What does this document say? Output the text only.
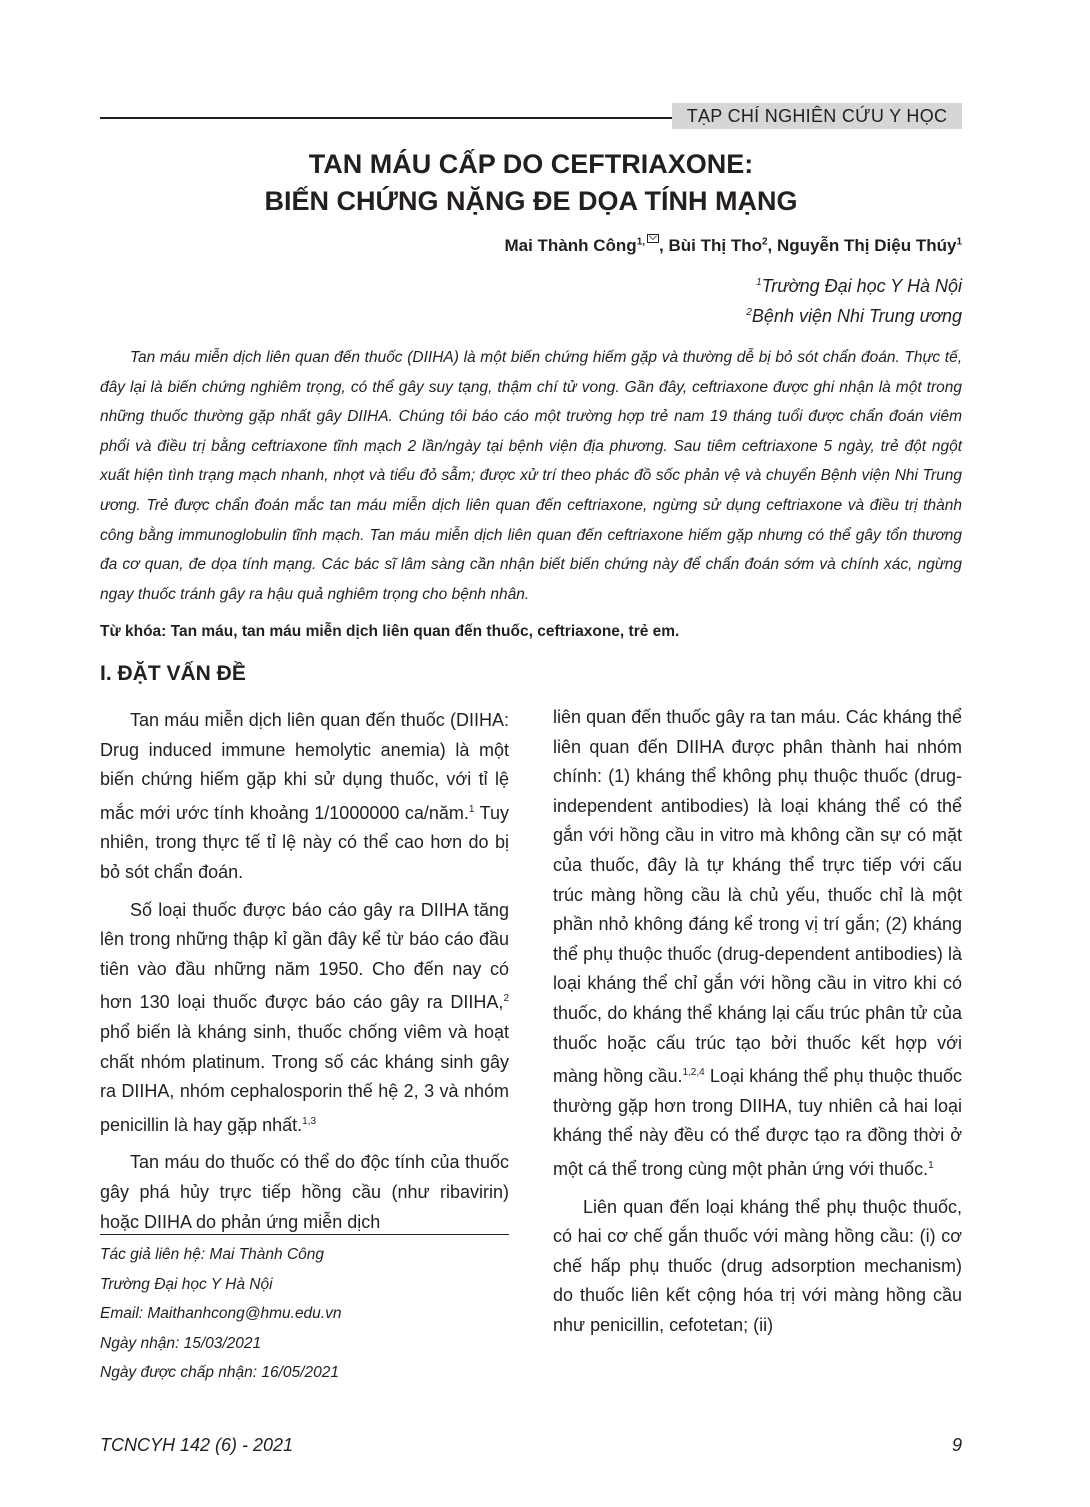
TẠP CHÍ NGHIÊN CỨU Y HỌC
TAN MÁU CẤP DO CEFTRIAXONE:
BIẾN CHỨNG NẶNG ĐE DỌA TÍNH MẠNG
Mai Thành Công$^{1,}$ , Bùi Thị Tho$^2$, Nguyễn Thị Diệu Thúy$^1$
$^1$Trường Đại học Y Hà Nội
$^2$Bệnh viện Nhi Trung ương
Tan máu miễn dịch liên quan đến thuốc (DIIHA) là một biến chứng hiếm gặp và thường dễ bị bỏ sót chẩn đoán. Thực tế, đây lại là biến chứng nghiêm trọng, có thể gây suy tạng, thậm chí tử vong. Gần đây, ceftriaxone được ghi nhận là một trong những thuốc thường gặp nhất gây DIIHA. Chúng tôi báo cáo một trường hợp trẻ nam 19 tháng tuổi được chẩn đoán viêm phổi và điều trị bằng ceftriaxone tĩnh mạch 2 lần/ngày tại bệnh viện địa phương. Sau tiêm ceftriaxone 5 ngày, trẻ đột ngột xuất hiện tình trạng mạch nhanh, nhợt và tiểu đỏ sẫm; được xử trí theo phác đồ sốc phản vệ và chuyển Bệnh viện Nhi Trung ương. Trẻ được chẩn đoán mắc tan máu miễn dịch liên quan đến ceftriaxone, ngừng sử dụng ceftriaxone và điều trị thành công bằng immunoglobulin tĩnh mạch. Tan máu miễn dịch liên quan đến ceftriaxone hiếm gặp nhưng có thể gây tổn thương đa cơ quan, đe dọa tính mạng. Các bác sĩ lâm sàng cần nhận biết biến chứng này để chẩn đoán sớm và chính xác, ngừng ngay thuốc tránh gây ra hậu quả nghiêm trọng cho bệnh nhân.
Từ khóa: Tan máu, tan máu miễn dịch liên quan đến thuốc, ceftriaxone, trẻ em.
I. ĐẶT VẤN ĐỀ

Tan máu miễn dịch liên quan đến thuốc (DIIHA: Drug induced immune hemolytic anemia) là một biến chứng hiếm gặp khi sử dụng thuốc, với tỉ lệ mắc mới ước tính khoảng 1/1000000 ca/năm.$^1$ Tuy nhiên, trong thực tế tỉ lệ này có thể cao hơn do bị bỏ sót chẩn đoán.

Số loại thuốc được báo cáo gây ra DIIHA tăng lên trong những thập kỉ gần đây kể từ báo cáo đầu tiên vào đầu những năm 1950. Cho đến nay có hơn 130 loại thuốc được báo cáo gây ra DIIHA,$^2$ phổ biến là kháng sinh, thuốc chống viêm và hoạt chất nhóm platinum. Trong số các kháng sinh gây ra DIIHA, nhóm cephalosporin thế hệ 2, 3 và nhóm penicillin là hay gặp nhất.$^{1,3}$

Tan máu do thuốc có thể do độc tính của thuốc gây phá hủy trực tiếp hồng cầu (như ribavirin) hoặc DIIHA do phản ứng miễn dịch

liên quan đến thuốc gây ra tan máu. Các kháng thể liên quan đến DIIHA được phân thành hai nhóm chính: (1) kháng thể không phụ thuộc thuốc (drug-independent antibodies) là loại kháng thể có thể gắn với hồng cầu in vitro mà không cần sự có mặt của thuốc, đây là tự kháng thể trực tiếp với cấu trúc màng hồng cầu là chủ yếu, thuốc chỉ là một phần nhỏ không đáng kể trong vị trí gắn; (2) kháng thể phụ thuộc thuốc (drug-dependent antibodies) là loại kháng thể chỉ gắn với hồng cầu in vitro khi có thuốc, do kháng thể kháng lại cấu trúc phân tử của thuốc hoặc cấu trúc tạo bởi thuốc kết hợp với màng hồng cầu.$^{1,2,4}$ Loại kháng thể phụ thuộc thuốc thường gặp hơn trong DIIHA, tuy nhiên cả hai loại kháng thể này đều có thể được tạo ra đồng thời ở một cá thể trong cùng một phản ứng với thuốc.$^1$

Liên quan đến loại kháng thể phụ thuộc thuốc, có hai cơ chế gắn thuốc với màng hồng cầu: (i) cơ chế hấp phụ thuốc (drug adsorption mechanism) do thuốc liên kết cộng hóa trị với màng hồng cầu như penicillin, cefotetan; (ii)

Tác giả liên hệ: Mai Thành Công
Trường Đại học Y Hà Nội
Email: Maithanhcong@hmu.edu.vn
Ngày nhận: 15/03/2021
Ngày được chấp nhận: 16/05/2021
TCNCYH 142 (6) - 2021	9
